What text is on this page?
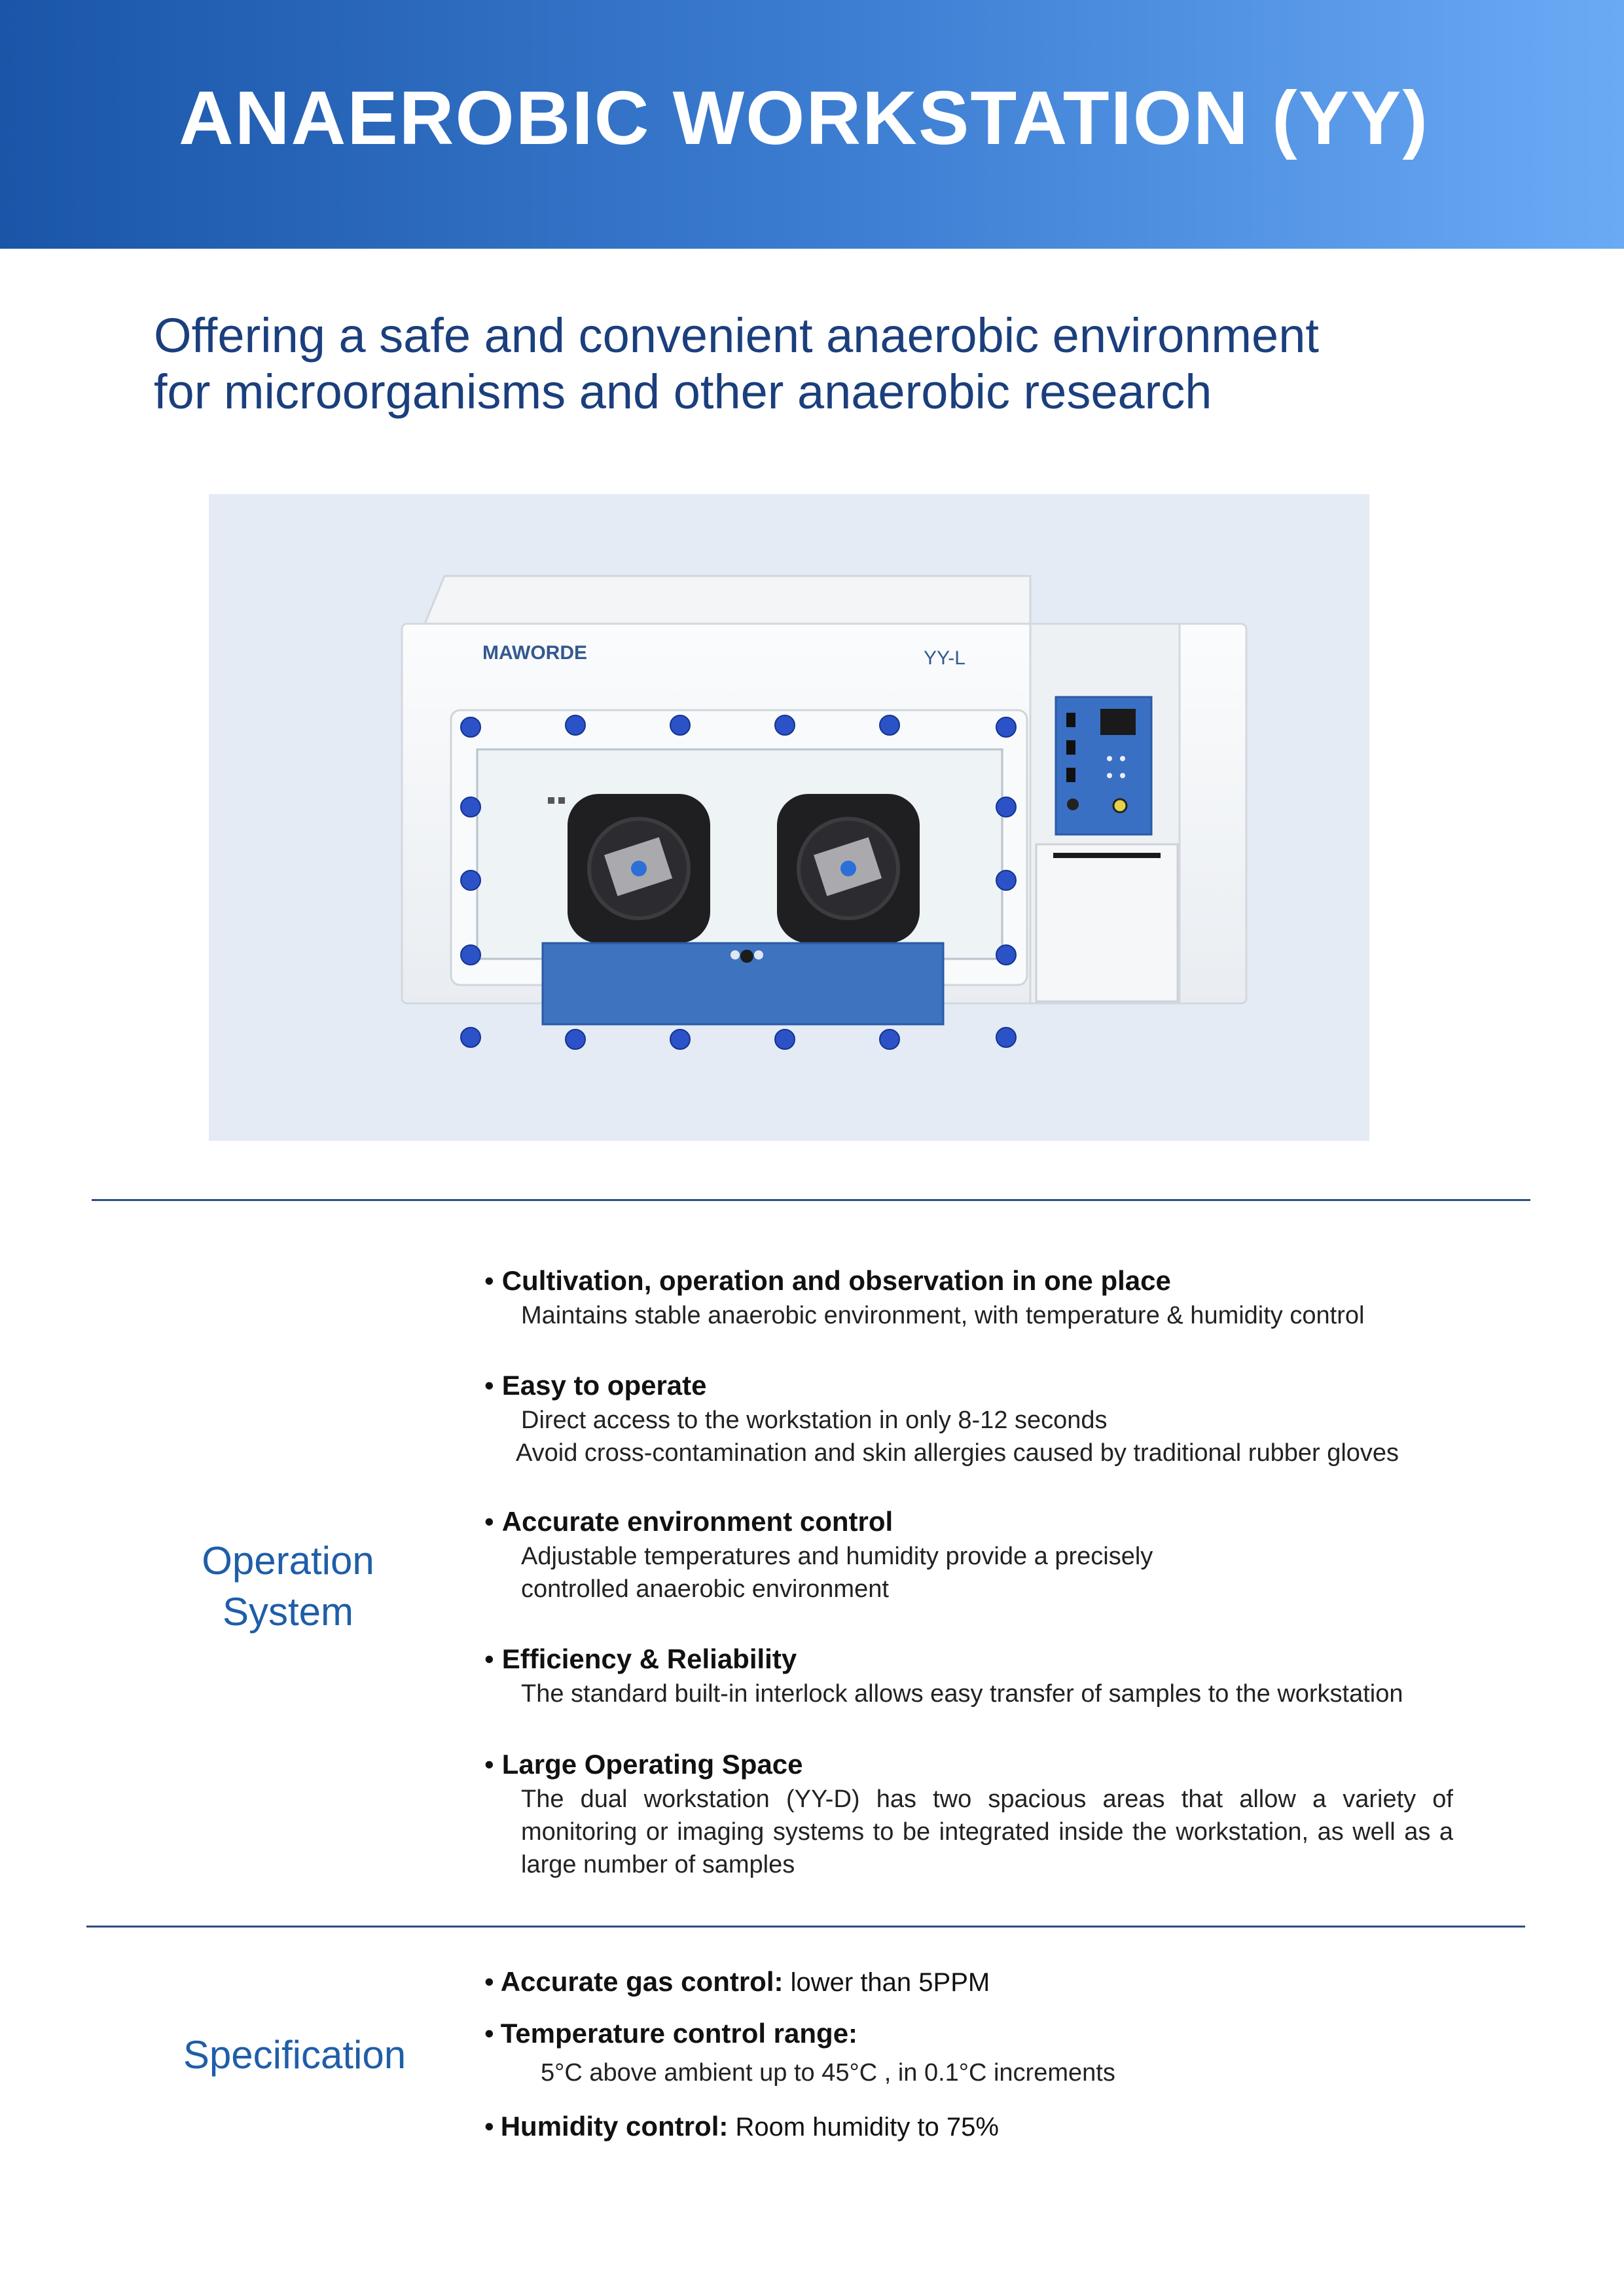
ANAEROBIC WORKSTATION (YY)
Offering a safe and convenient anaerobic environment
for microorganisms and other anaerobic research
MAWORDE	YY-L
Operation
System
• Cultivation, operation and observation in one place
Maintains stable anaerobic environment, with temperature & humidity control
• Easy to operate
Direct access to the workstation in only 8-12 seconds
Avoid cross-contamination and skin allergies caused by traditional rubber gloves
• Accurate environment control
Adjustable temperatures and humidity provide a precisely
controlled anaerobic environment
• Efficiency & Reliability
The standard built-in interlock allows easy transfer of samples to the workstation
• Large Operating Space
The dual workstation (YY-D) has two spacious areas that allow a variety of monitoring or imaging systems to be integrated inside the workstation, as well as a large number of samples
Specification
• Accurate gas control: lower than 5PPM
• Temperature control range:
5°C above ambient up to 45°C , in 0.1°C increments
• Humidity control: Room humidity to 75%
